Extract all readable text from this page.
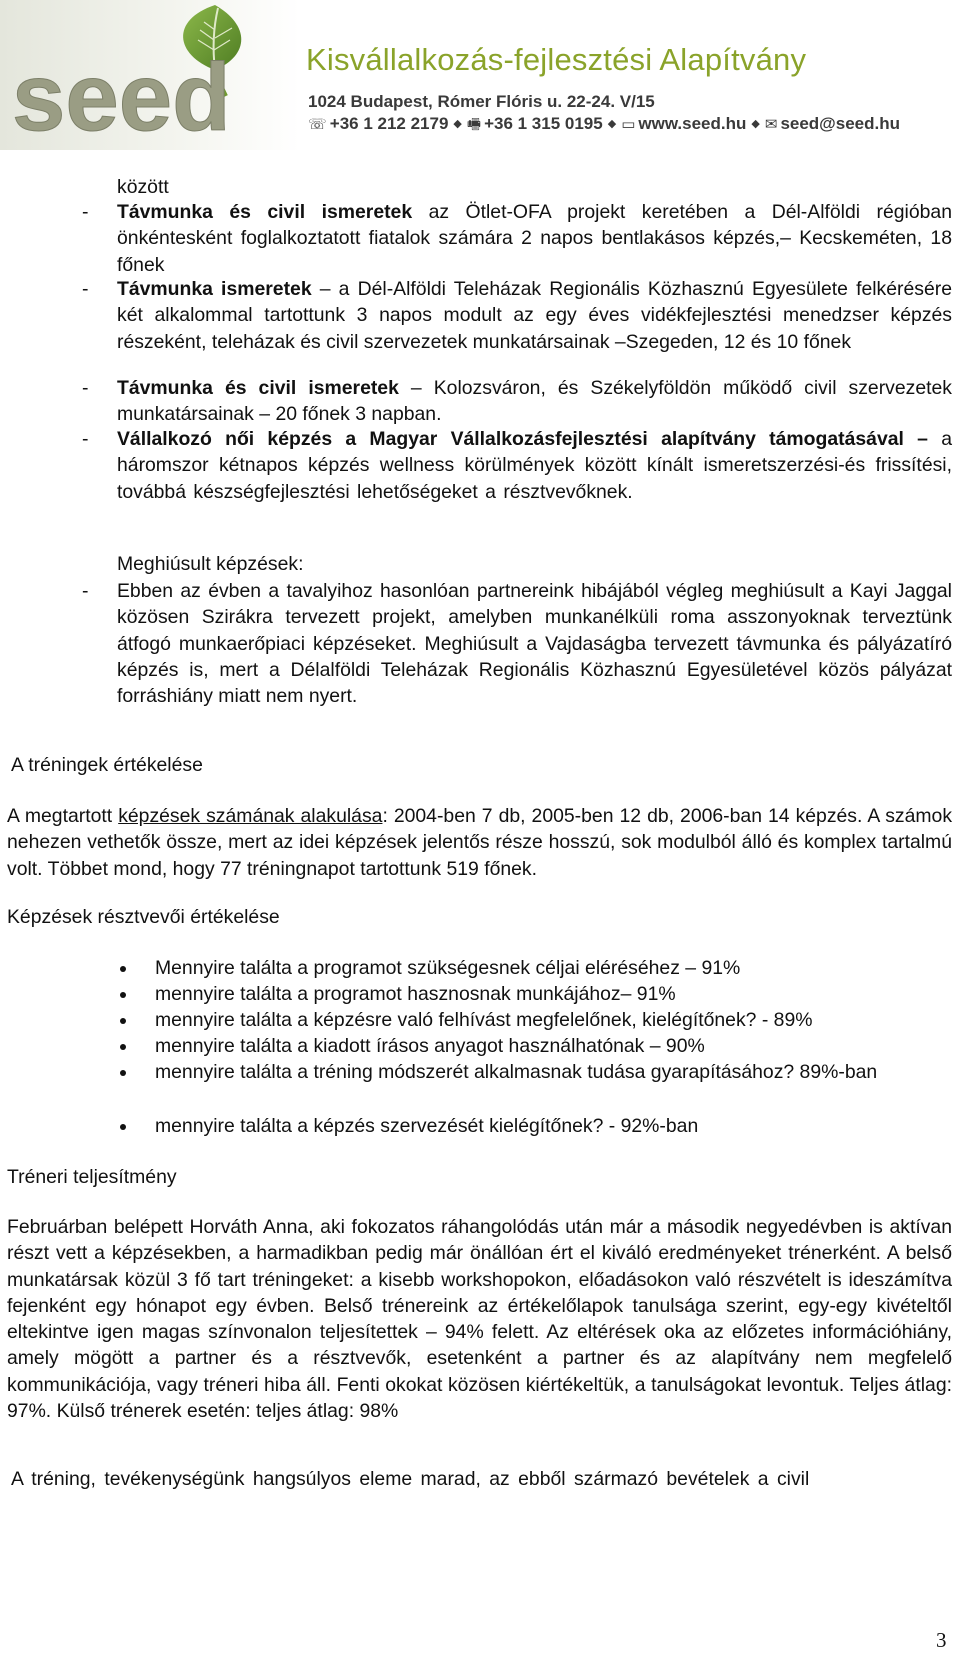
seed Kisvállalkozás-fejlesztési Alapítvány
1024 Budapest, Rómer Flóris u. 22-24. V/15
☏ +36 1 212 2179 ◆ 🖷 +36 1 315 0195 ◆ ▭ www.seed.hu ◆ ✉ seed@seed.hu
között
- Távmunka és civil ismeretek az Ötlet-OFA projekt keretében a Dél-Alföldi régióban önkéntesként foglalkoztatott fiatalok számára 2 napos bentlakásos képzés,– Kecskeméten, 18 főnek
- Távmunka ismeretek – a Dél-Alföldi Teleházak Regionális Közhasznú Egyesülete felkérésére két alkalommal tartottunk 3 napos modult az egy éves vidékfejlesztési menedzser képzés részeként, teleházak és civil szervezetek munkatársainak –Szegeden, 12 és 10 főnek
- Távmunka és civil ismeretek – Kolozsváron, és Székelyföldön működő civil szervezetek munkatársainak – 20 főnek 3 napban.
- Vállalkozó női képzés a Magyar Vállalkozásfejlesztési alapítvány támogatásával – a háromszor kétnapos képzés wellness körülmények között kínált ismeretszerzési-és frissítési, továbbá készségfejlesztési lehetőségeket a résztvevőknek.
Meghiúsult képzések:
- Ebben az évben a tavalyihoz hasonlóan partnereink hibájából végleg meghiúsult a Kayi Jaggal közösen Szirákra tervezett projekt, amelyben munkanélküli roma asszonyoknak terveztünk átfogó munkaerőpiaci képzéseket. Meghiúsult a Vajdaságba tervezett távmunka és pályázatíró képzés is, mert a Délalföldi Teleházak Regionális Közhasznú Egyesületével közös pályázat forráshiány miatt nem nyert.
A tréningek értékelése
A megtartott képzések számának alakulása: 2004-ben 7 db, 2005-ben 12 db, 2006-ban 14 képzés. A számok nehezen vethetők össze, mert az idei képzések jelentős része hosszú, sok modulból álló és komplex tartalmú volt. Többet mond, hogy 77 tréningnapot tartottunk 519 főnek.
Képzések résztvevői értékelése
Mennyire találta a programot szükségesnek céljai eléréséhez – 91%
mennyire találta a programot hasznosnak munkájához– 91%
mennyire találta a képzésre való felhívást megfelelőnek, kielégítőnek? - 89%
mennyire találta a kiadott írásos anyagot használhatónak – 90%
mennyire találta a tréning módszerét alkalmasnak tudása gyarapításához? 89%-ban
mennyire találta a képzés szervezését kielégítőnek? - 92%-ban
Tréneri teljesítmény
Februárban belépett Horváth Anna, aki fokozatos ráhangolódás után már a második negyedévben is aktívan részt vett a képzésekben, a harmadikban pedig már önállóan ért el kiváló eredményeket trénerként. A belső munkatársak közül 3 fő tart tréningeket: a kisebb workshopokon, előadásokon való részvételt is ideszámítva fejenként egy hónapot egy évben. Belső trénereink az értékelőlapok tanulsága szerint, egy-egy kivételtől eltekintve igen magas színvonalon teljesítettek – 94% felett. Az eltérések oka az előzetes információhiány, amely mögött a partner és a résztvevők, esetenként a partner és az alapítvány nem megfelelő kommunikációja, vagy tréneri hiba áll. Fenti okokat közösen kiértékeltük, a tanulságokat levontuk. Teljes átlag: 97%. Külső trénerek esetén: teljes átlag: 98%
A tréning, tevékenységünk hangsúlyos eleme marad, az ebből származó bevételek a civil
3
